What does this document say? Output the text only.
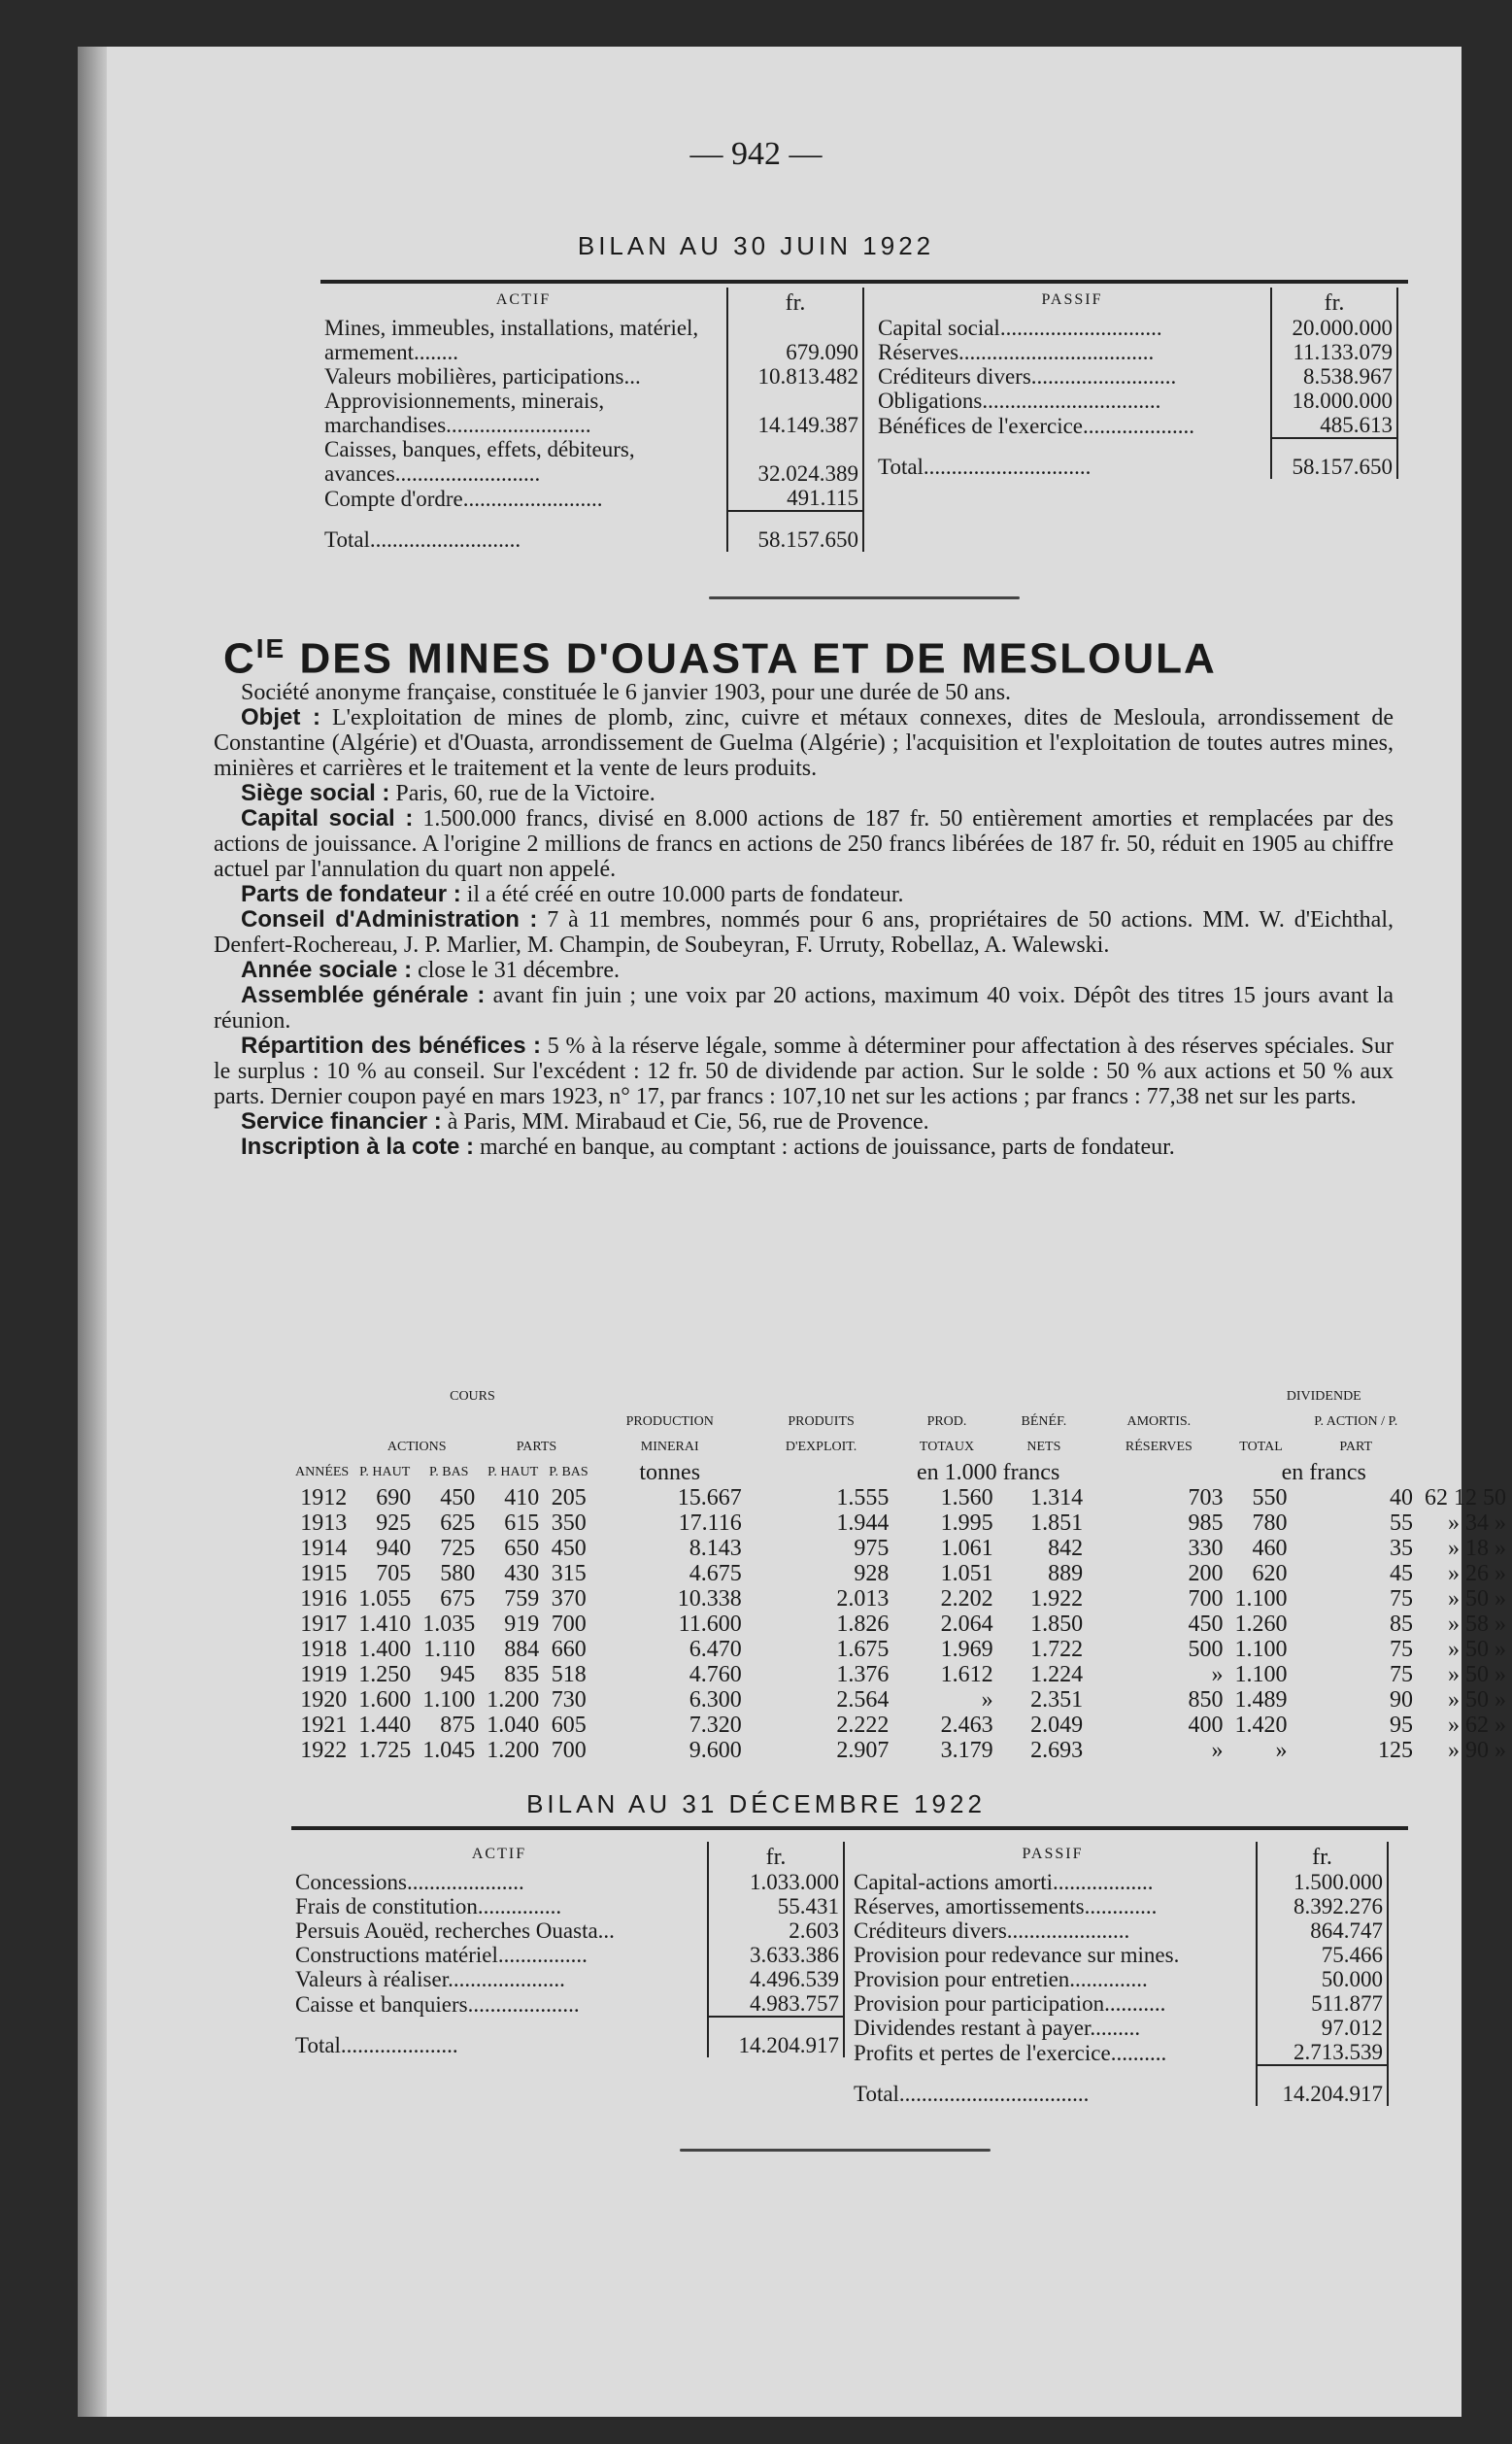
— 942 —
BILAN AU 30 JUIN 1922
ACTIF	fr.
Mines, immeubles, installations, matériel, armement........	679.090
Valeurs mobilières, participations...	10.813.482
Approvisionnements, minerais, marchandises..........................	14.149.387
Caisses, banques, effets, débiteurs, avances..........................	32.024.389
Compte d'ordre.........................	491.115
Total...........................	58.157.650
PASSIF	fr.
Capital social.............................	20.000.000
Réserves...................................	11.133.079
Créditeurs divers..........................	8.538.967
Obligations................................	18.000.000
Bénéfices de l'exercice....................	485.613
Total..............................	58.157.650
$C^{IE}$ DES MINES D'OUASTA ET DE MESLOULA

Société anonyme française, constituée le 6 janvier 1903, pour une durée de 50 ans.

Objet : L'exploitation de mines de plomb, zinc, cuivre et métaux connexes, dites de Mesloula, arrondissement de Constantine (Algérie) et d'Ouasta, arrondissement de Guelma (Algérie) ; l'acquisition et l'exploitation de toutes autres mines, minières et carrières et le traitement et la vente de leurs produits.

Siège social : Paris, 60, rue de la Victoire.

Capital social : 1.500.000 francs, divisé en 8.000 actions de 187 fr. 50 entièrement amorties et remplacées par des actions de jouissance. A l'origine 2 millions de francs en actions de 250 francs libérées de 187 fr. 50, réduit en 1905 au chiffre actuel par l'annulation du quart non appelé.

Parts de fondateur : il a été créé en outre 10.000 parts de fondateur.

Conseil d'Administration : 7 à 11 membres, nommés pour 6 ans, propriétaires de 50 actions. MM. W. d'Eichthal, Denfert-Rochereau, J. P. Marlier, M. Champin, de Soubeyran, F. Urruty, Robellaz, A. Walewski.

Année sociale : close le 31 décembre.

Assemblée générale : avant fin juin ; une voix par 20 actions, maximum 40 voix. Dépôt des titres 15 jours avant la réunion.

Répartition des bénéfices : 5 % à la réserve légale, somme à déterminer pour affectation à des réserves spéciales. Sur le surplus : 10 % au conseil. Sur l'excédent : 12 fr. 50 de dividende par action. Sur le solde : 50 % aux actions et 50 % aux parts. Dernier coupon payé en mars 1923, n° 17, par francs : 107,10 net sur les actions ; par francs : 77,38 net sur les parts.

Service financier : à Paris, MM. Mirabaud et Cie, 56, rue de Provence.

Inscription à la cote : marché en banque, au comptant : actions de jouissance, parts de fondateur.

	COURS				PRODUCTION MINERAI	PRODUITS D'EXPLOIT.	PROD. TOTAUX	BÉNÉF. NETS	AMORTIS. RÉSERVES	DIVIDENDE		
	ACTIONS		PARTS							TOTAL	P. ACTION / P. PART	
ANNÉES	P. HAUT	P. BAS	P. HAUT	P. BAS	tonnes	en 1.000 francs				en francs		
1912	690	450	410	205	15.667	1.555	1.560	1.314	703	550	40	62 12 50
1913	925	625	615	350	17.116	1.944	1.995	1.851	985	780	55	» 34 »
1914	940	725	650	450	8.143	975	1.061	842	330	460	35	» 18 »
1915	705	580	430	315	4.675	928	1.051	889	200	620	45	» 26 »
1916	1.055	675	759	370	10.338	2.013	2.202	1.922	700	1.100	75	» 50 »
1917	1.410	1.035	919	700	11.600	1.826	2.064	1.850	450	1.260	85	» 58 »
1918	1.400	1.110	884	660	6.470	1.675	1.969	1.722	500	1.100	75	» 50 »
1919	1.250	945	835	518	4.760	1.376	1.612	1.224	»	1.100	75	» 50 »
1920	1.600	1.100	1.200	730	6.300	2.564	»	2.351	850	1.489	90	» 50 »
1921	1.440	875	1.040	605	7.320	2.222	2.463	2.049	400	1.420	95	» 62 »
1922	1.725	1.045	1.200	700	9.600	2.907	3.179	2.693	»	»	125	» 90 »
BILAN AU 31 DÉCEMBRE 1922
ACTIF	fr.
Concessions.....................	1.033.000
Frais de constitution...............	55.431
Persuis Aouëd, recherches Ouasta...	2.603
Constructions matériel................	3.633.386
Valeurs à réaliser.....................	4.496.539
Caisse et banquiers....................	4.983.757
Total.....................	14.204.917
PASSIF	fr.
Capital-actions amorti..................	1.500.000
Réserves, amortissements.............	8.392.276
Créditeurs divers......................	864.747
Provision pour redevance sur mines.	75.466
Provision pour entretien..............	50.000
Provision pour participation...........	511.877
Dividendes restant à payer.........	97.012
Profits et pertes de l'exercice..........	2.713.539
Total..................................	14.204.917
